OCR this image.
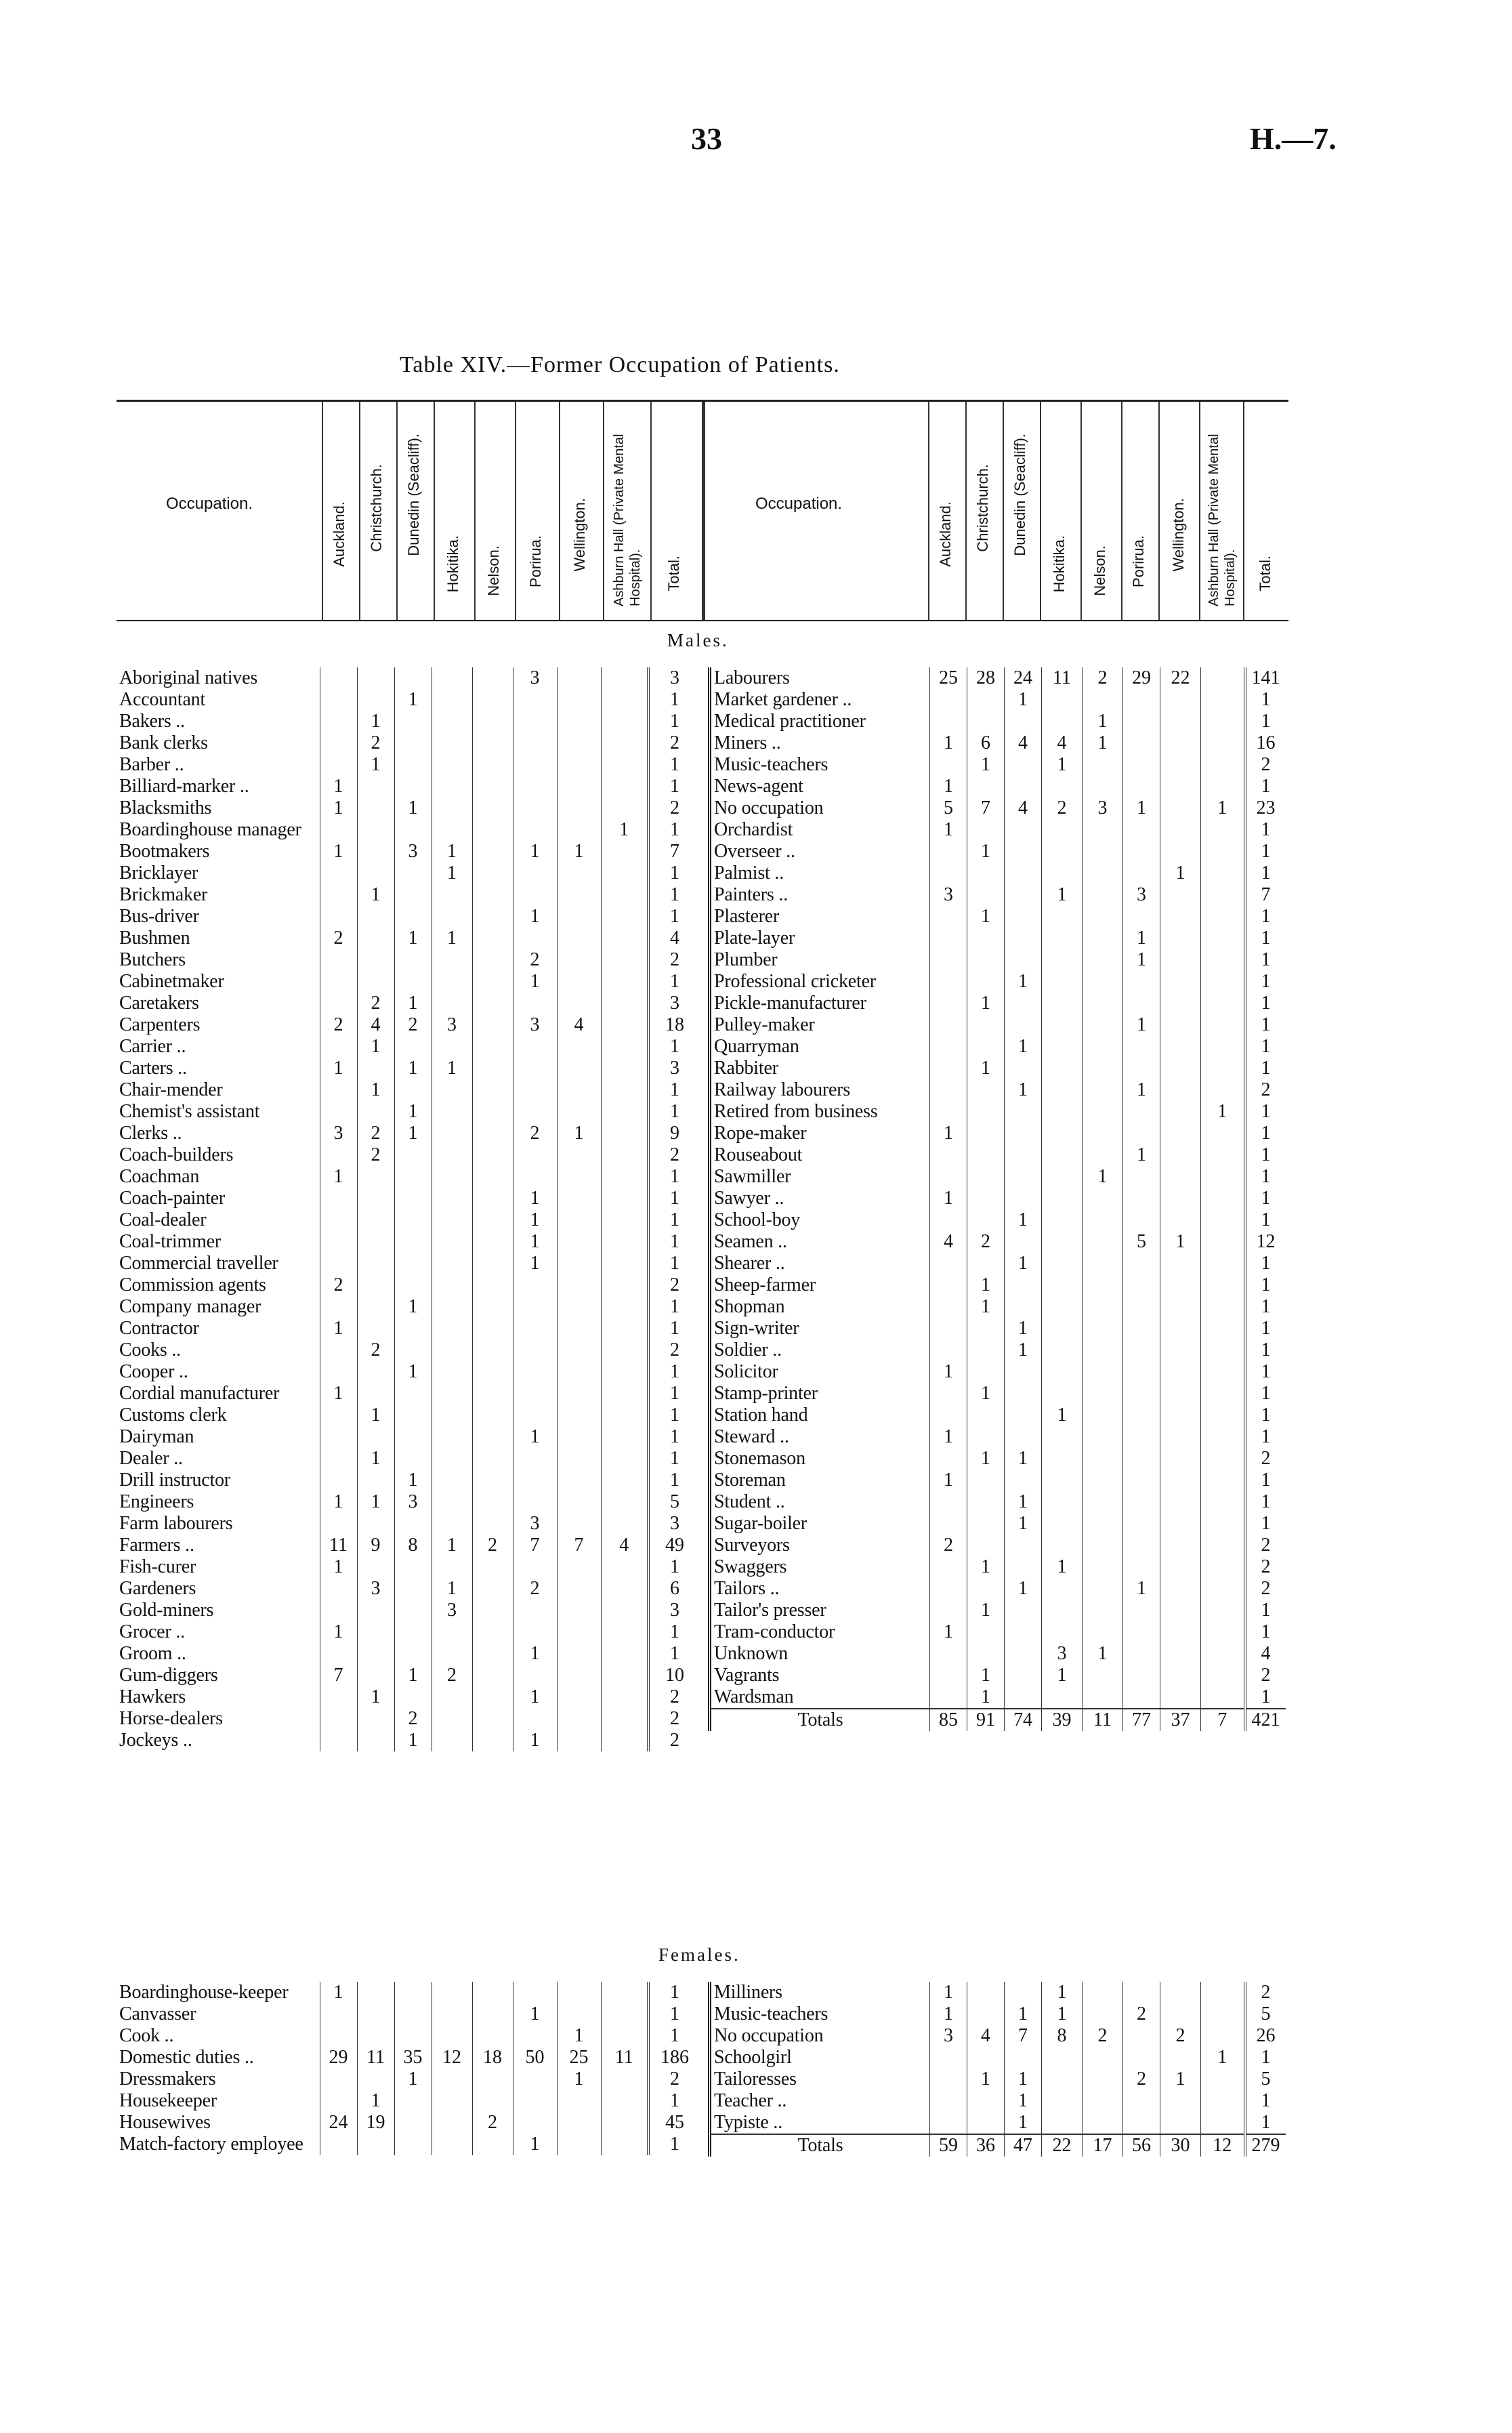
33	H.—7.
Table XIV.—Former Occupation of Patients.
Occupation.	Auckland. Christchurch. Dunedin (Seacliff).
Hokitika. Nelson. Porirua. Wellington. Ashburn Hall (Private Mental Hospital). Total.
Occupation.	Auckland. Christchurch. Dunedin (Seacliff).
Hokitika. Nelson. Porirua. Wellington. Ashburn Hall (Private Mental Hospital). Total.
Males.
Females.
Aboriginal natives						3			3
Accountant			1						1
Bakers ..		1							1
Bank clerks		2							2
Barber ..		1							1
Billiard-marker ..	1								1
Blacksmiths	1		1						2
Boardinghouse manager								1	1
Bootmakers	1		3	1		1	1		7
Bricklayer				1					1
Brickmaker		1							1
Bus-driver						1			1
Bushmen	2		1	1					4
Butchers						2			2
Cabinetmaker						1			1
Caretakers		2	1						3
Carpenters	2	4	2	3		3	4		18
Carrier ..		1							1
Carters ..	1		1	1					3
Chair-mender		1							1
Chemist's assistant			1						1
Clerks ..	3	2	1			2	1		9
Coach-builders		2							2
Coachman	1								1
Coach-painter						1			1
Coal-dealer						1			1
Coal-trimmer						1			1
Commercial traveller						1			1
Commission agents	2								2
Company manager			1						1
Contractor	1								1
Cooks ..		2							2
Cooper ..			1						1
Cordial manufacturer	1								1
Customs clerk		1							1
Dairyman						1			1
Dealer ..		1							1
Drill instructor			1						1
Engineers	1	1	3						5
Farm labourers						3			3
Farmers ..	11	9	8	1	2	7	7	4	49
Fish-curer	1								1
Gardeners		3		1		2			6
Gold-miners				3					3
Grocer ..	1								1
Groom ..						1			1
Gum-diggers	7		1	2					10
Hawkers		1				1			2
Horse-dealers			2						2
Jockeys ..			1			1			2
Labourers	25	28	24	11	2	29	22		141
Market gardener ..			1						1
Medical practitioner					1				1
Miners ..	1	6	4	4	1				16
Music-teachers		1		1					2
News-agent	1								1
No occupation	5	7	4	2	3	1		1	23
Orchardist	1								1
Overseer ..		1							1
Palmist ..							1		1
Painters ..	3			1		3			7
Plasterer		1							1
Plate-layer						1			1
Plumber						1			1
Professional cricketer			1						1
Pickle-manufacturer		1							1
Pulley-maker						1			1
Quarryman			1						1
Rabbiter		1							1
Railway labourers			1			1			2
Retired from business								1	1
Rope-maker	1								1
Rouseabout						1			1
Sawmiller					1				1
Sawyer ..	1								1
School-boy			1						1
Seamen ..	4	2				5	1		12
Shearer ..			1						1
Sheep-farmer		1							1
Shopman		1							1
Sign-writer			1						1
Soldier ..			1						1
Solicitor	1								1
Stamp-printer		1							1
Station hand				1					1
Steward ..	1								1
Stonemason		1	1						2
Storeman	1								1
Student ..			1						1
Sugar-boiler			1						1
Surveyors	2								2
Swaggers		1		1					2
Tailors ..			1			1			2
Tailor's presser		1							1
Tram-conductor	1								1
Unknown				3	1				4
Vagrants		1		1					2
Wardsman		1							1
Totals	85	91	74	39	11	77	37	7	421
Boardinghouse-keeper	1								1
Canvasser						1			1
Cook ..							1		1
Domestic duties ..	29	11	35	12	18	50	25	11	186
Dressmakers			1				1		2
Housekeeper		1							1
Housewives	24	19			2				45
Match-factory employee						1			1
Milliners	1			1					2
Music-teachers	1		1	1		2			5
No occupation	3	4	7	8	2		2		26
Schoolgirl								1	1
Tailoresses		1	1			2	1		5
Teacher ..			1						1
Typiste ..			1						1
Totals	59	36	47	22	17	56	30	12	279
